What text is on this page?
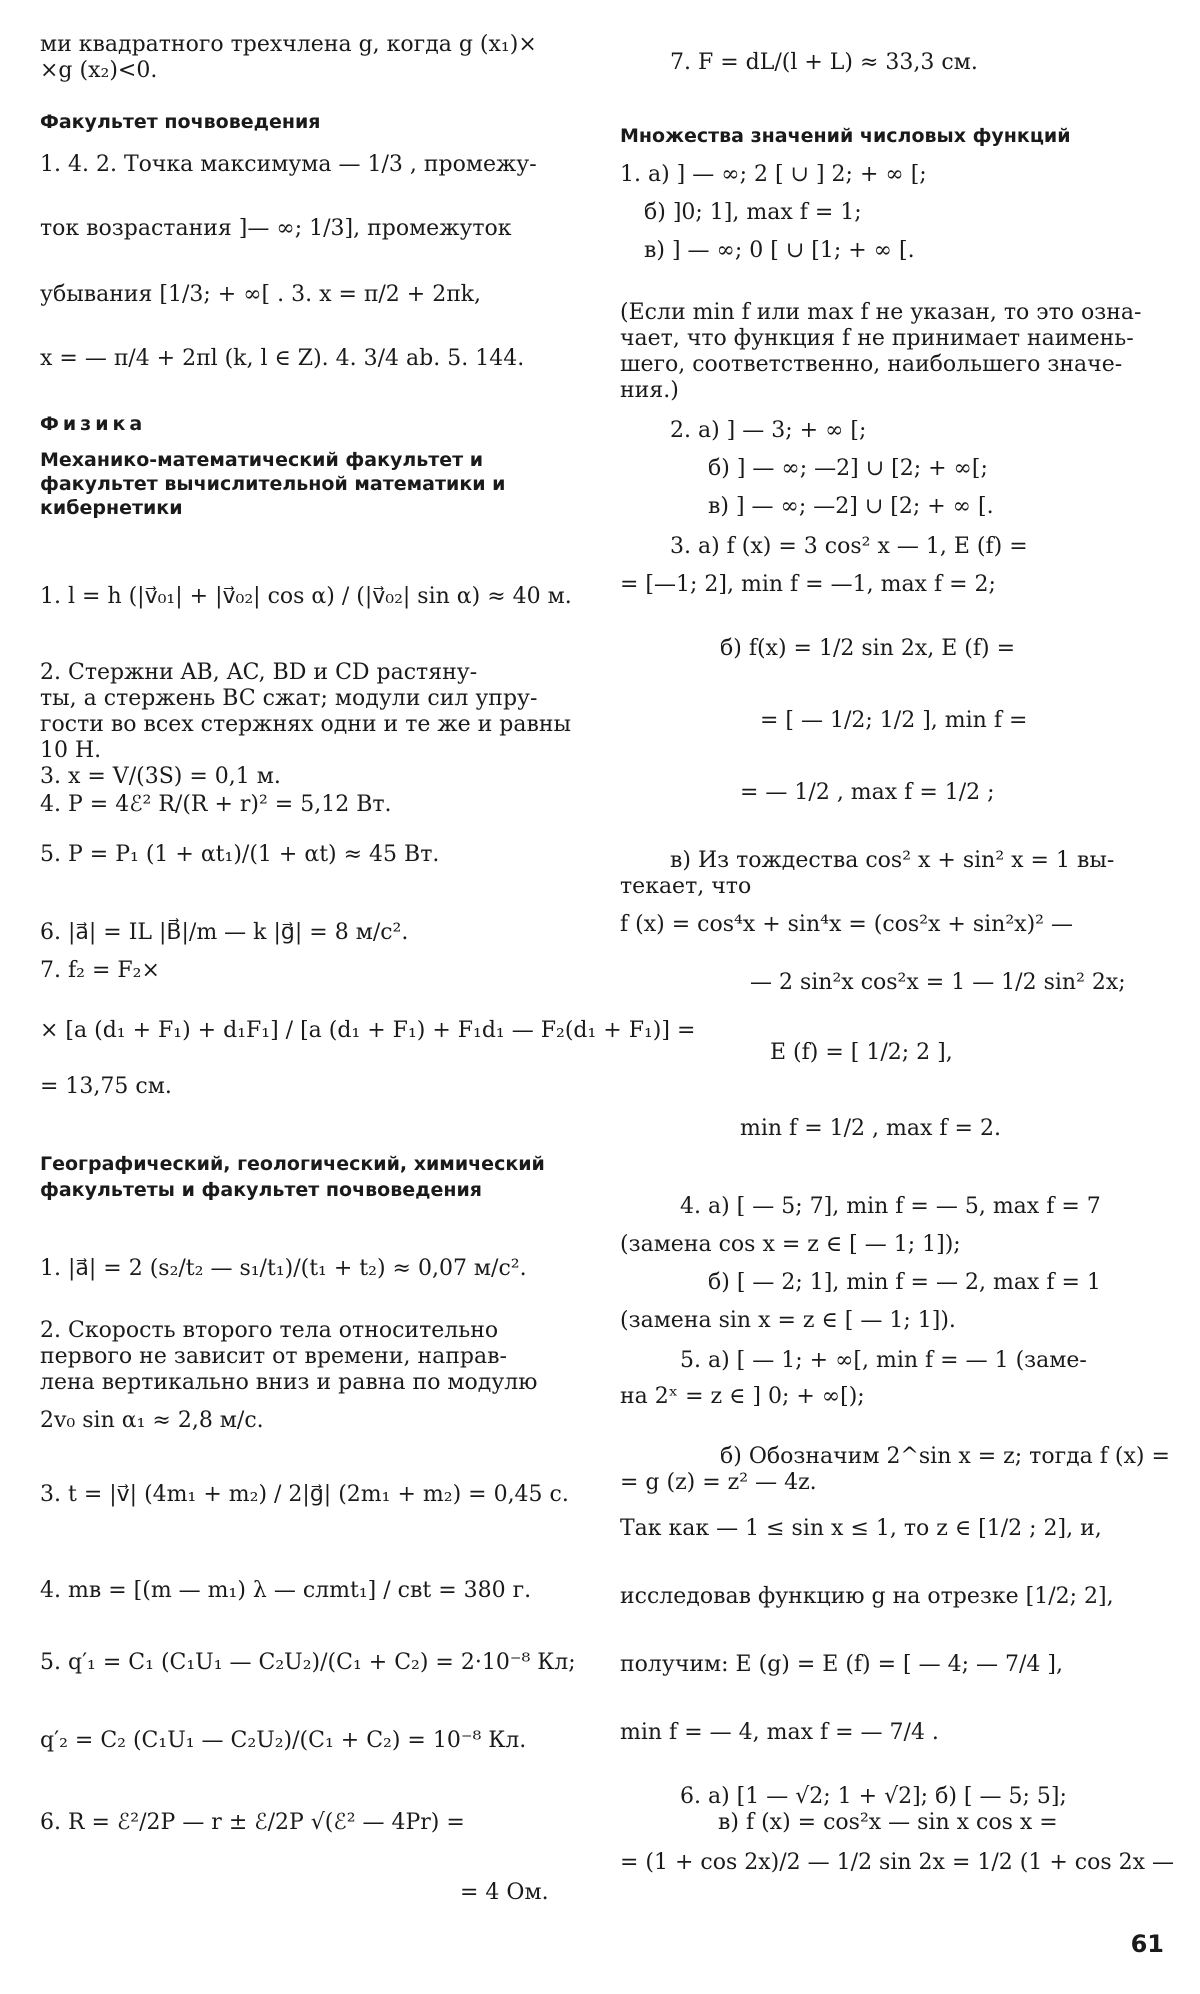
ми квадратного трехчлена g, когда g (x₁)×
×g (x₂)<0.
Факультет почвоведения
1. 4. 2. Точка максимума — 1/3 , промежу-
ток возрастания ]— ∞; 1/3], промежуток
убывания [1/3; + ∞[ . 3. x = π/2 + 2πk,
x = — π/4 + 2πl (k, l ∈ Z). 4. 3/4 ab. 5. 144.
Физика
Механико-математический факультет и
факультет вычислительной математики и
кибернетики
1. l = h (|v⃗₀₁| + |v⃗₀₂| cos α) / (|v⃗₀₂| sin α) ≈ 40 м.
2. Стержни AB, AC, BD и CD растяну-
ты, а стержень BC сжат; модули сил упру-
гости во всех стержнях одни и те же и равны
10 Н.
3. x = V/(3S) = 0,1 м.
4. P = 4ℰ² R/(R + r)² = 5,12 Вт.
5. P = P₁ (1 + αt₁)/(1 + αt) ≈ 45 Вт.
6. |a⃗| = IL |B⃗|/m — k |g⃗| = 8 м/с².
7. f₂ = F₂×
× [a (d₁ + F₁) + d₁F₁] / [a (d₁ + F₁) + F₁d₁ — F₂(d₁ + F₁)] =
= 13,75 см.
Географический, геологический, химический
факультеты и факультет почвоведения
1. |a⃗| = 2 (s₂/t₂ — s₁/t₁)/(t₁ + t₂) ≈ 0,07 м/с².
2. Скорость второго тела относительно
первого не зависит от времени, направ-
лена вертикально вниз и равна по модулю
2v₀ sin α₁ ≈ 2,8 м/с.
3. t = |v⃗| (4m₁ + m₂) / 2|g⃗| (2m₁ + m₂) = 0,45 с.
4. mв = [(m — m₁) λ — cлmt₁] / cвt = 380 г.
5. q′₁ = C₁ (C₁U₁ — C₂U₂)/(C₁ + C₂) = 2·10⁻⁸ Кл;
q′₂ = C₂ (C₁U₁ — C₂U₂)/(C₁ + C₂) = 10⁻⁸ Кл.
6. R = ℰ²/2P — r ± ℰ/2P √(ℰ² — 4Pr) =
= 4 Ом.
7. F = dL/(l + L) ≈ 33,3 см.
Множества значений числовых функций
1. а) ] — ∞; 2 [ ∪ ] 2; + ∞ [;
б) ]0; 1], max f = 1;
в) ] — ∞; 0 [ ∪ [1; + ∞ [.
(Если min f или max f не указан, то это озна-
чает, что функция f не принимает наимень-
шего, соответственно, наибольшего значе-
ния.)
2. а) ] — 3; + ∞ [;
б) ] — ∞; —2] ∪ [2; + ∞[;
в) ] — ∞; —2] ∪ [2; + ∞ [.
3. а) f (x) = 3 cos² x — 1, E (f) =
= [—1; 2], min f = —1, max f = 2;
б) f(x) = 1/2 sin 2x, E (f) =
= [ — 1/2; 1/2 ], min f =
= — 1/2 , max f = 1/2 ;
в) Из тождества cos² x + sin² x = 1 вы-
текает, что
f (x) = cos⁴x + sin⁴x = (cos²x + sin²x)² —
— 2 sin²x cos²x = 1 — 1/2 sin² 2x;
E (f) = [ 1/2; 2 ],
min f = 1/2 , max f = 2.
4. а) [ — 5; 7], min f = — 5, max f = 7
(замена cos x = z ∈ [ — 1; 1]);
б) [ — 2; 1], min f = — 2, max f = 1
(замена sin x = z ∈ [ — 1; 1]).
5. а) [ — 1; + ∞[, min f = — 1 (заме-
на 2ˣ = z ∈ ] 0; + ∞[);
б) Обозначим 2^sin x = z; тогда f (x) =
= g (z) = z² — 4z.
Так как — 1 ≤ sin x ≤ 1, то z ∈ [1/2 ; 2], и,
исследовав функцию g на отрезке [1/2; 2],
получим: E (g) = E (f) = [ — 4; — 7/4 ],
min f = — 4, max f = — 7/4 .
6. а) [1 — √2; 1 + √2]; б) [ — 5; 5];
в) f (x) = cos²x — sin x cos x =
= (1 + cos 2x)/2 — 1/2 sin 2x = 1/2 (1 + cos 2x —
61
